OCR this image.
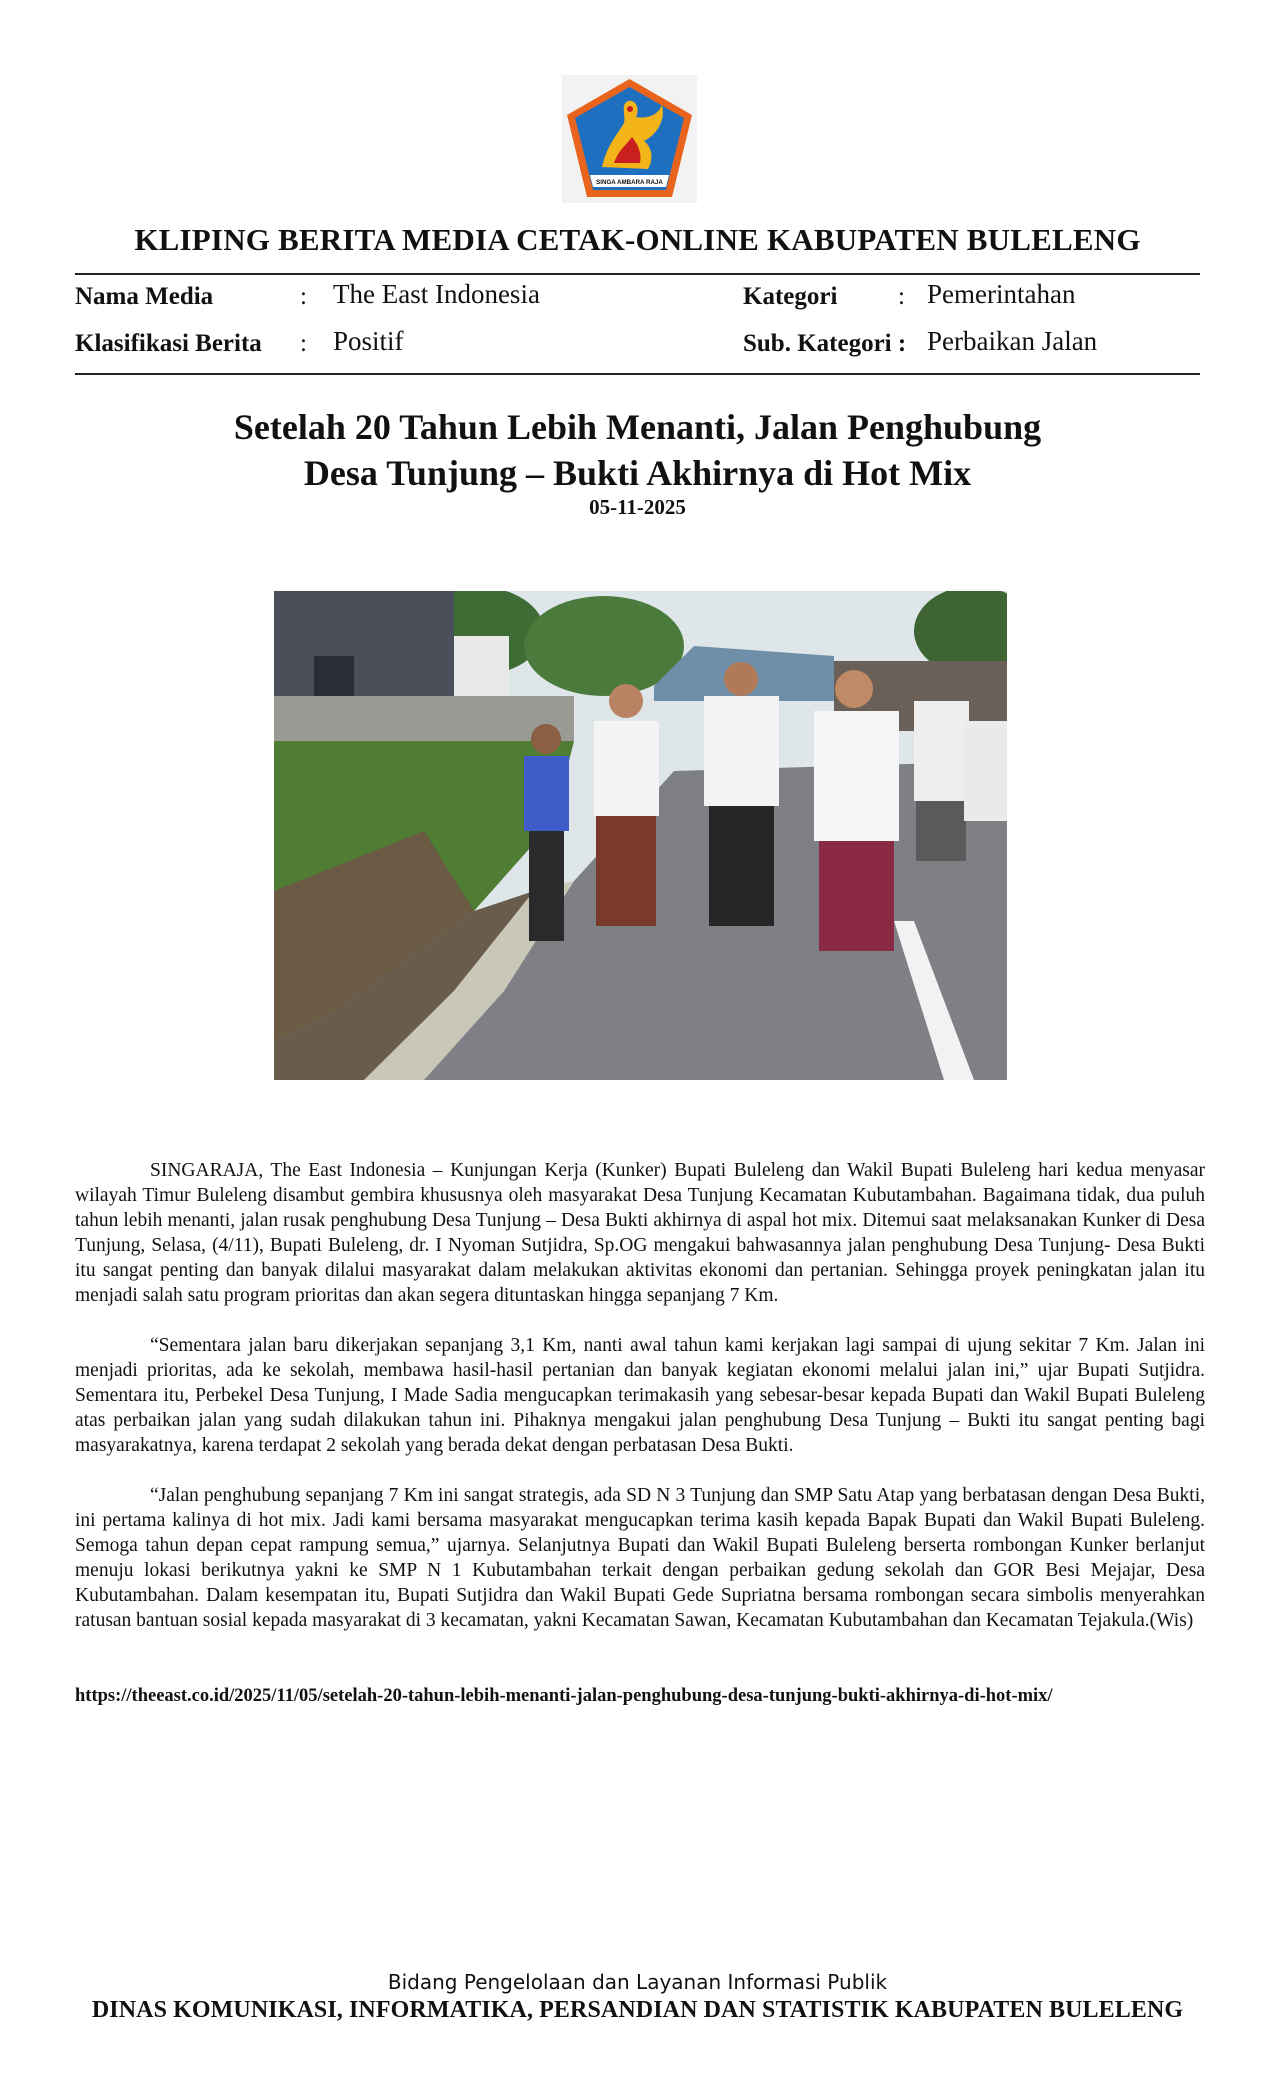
SINGA AMBARA RAJA
KLIPING BERITA MEDIA CETAK-ONLINE KABUPATEN BULELENG
Nama Media	: The East Indonesia	Kategori : Pemerintahan
Klasifikasi Berita : Positif	Sub. Kategori : Perbaikan Jalan
Setelah 20 Tahun Lebih Menanti, Jalan Penghubung
Desa Tunjung – Bukti Akhirnya di Hot Mix
05-11-2025

SINGARAJA, The East Indonesia – Kunjungan Kerja (Kunker) Bupati Buleleng dan Wakil Bupati Buleleng hari kedua menyasar wilayah Timur Buleleng disambut gembira khususnya oleh masyarakat Desa Tunjung Kecamatan Kubutambahan. Bagaimana tidak, dua puluh tahun lebih menanti, jalan rusak penghubung Desa Tunjung – Desa Bukti akhirnya di aspal hot mix. Ditemui saat melaksanakan Kunker di Desa Tunjung, Selasa, (4/11), Bupati Buleleng, dr. I Nyoman Sutjidra, Sp.OG mengakui bahwasannya jalan penghubung Desa Tunjung- Desa Bukti itu sangat penting dan banyak dilalui masyarakat dalam melakukan aktivitas ekonomi dan pertanian. Sehingga proyek peningkatan jalan itu menjadi salah satu program prioritas dan akan segera dituntaskan hingga sepanjang 7 Km.

“Sementara jalan baru dikerjakan sepanjang 3,1 Km, nanti awal tahun kami kerjakan lagi sampai di ujung sekitar 7 Km. Jalan ini menjadi prioritas, ada ke sekolah, membawa hasil-hasil pertanian dan banyak kegiatan ekonomi melalui jalan ini,” ujar Bupati Sutjidra. Sementara itu, Perbekel Desa Tunjung, I Made Sadia mengucapkan terimakasih yang sebesar-besar kepada Bupati dan Wakil Bupati Buleleng atas perbaikan jalan yang sudah dilakukan tahun ini. Pihaknya mengakui jalan penghubung Desa Tunjung – Bukti itu sangat penting bagi masyarakatnya, karena terdapat 2 sekolah yang berada dekat dengan perbatasan Desa Bukti.

“Jalan penghubung sepanjang 7 Km ini sangat strategis, ada SD N 3 Tunjung dan SMP Satu Atap yang berbatasan dengan Desa Bukti, ini pertama kalinya di hot mix. Jadi kami bersama masyarakat mengucapkan terima kasih kepada Bapak Bupati dan Wakil Bupati Buleleng. Semoga tahun depan cepat rampung semua,” ujarnya. Selanjutnya Bupati dan Wakil Bupati Buleleng berserta rombongan Kunker berlanjut menuju lokasi berikutnya yakni ke SMP N 1 Kubutambahan terkait dengan perbaikan gedung sekolah dan GOR Besi Mejajar, Desa Kubutambahan. Dalam kesempatan itu, Bupati Sutjidra dan Wakil Bupati Gede Supriatna bersama rombongan secara simbolis menyerahkan ratusan bantuan sosial kepada masyarakat di 3 kecamatan, yakni Kecamatan Sawan, Kecamatan Kubutambahan dan Kecamatan Tejakula.(Wis)

https://theeast.co.id/2025/11/05/setelah-20-tahun-lebih-menanti-jalan-penghubung-desa-tunjung-bukti-akhirnya-di-hot-mix/
Bidang Pengelolaan dan Layanan Informasi Publik
DINAS KOMUNIKASI, INFORMATIKA, PERSANDIAN DAN STATISTIK KABUPATEN BULELENG
